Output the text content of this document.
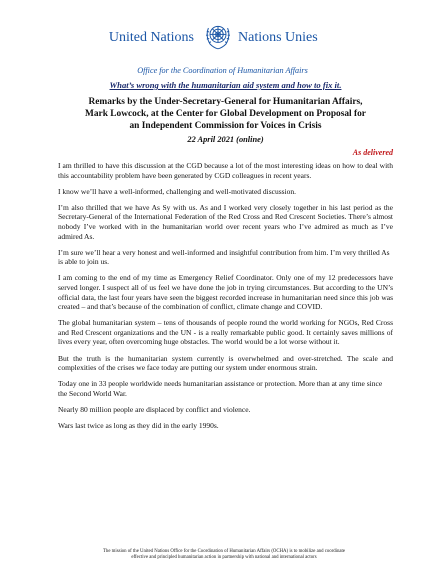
United Nations	Nations Unies
Office for the Coordination of Humanitarian Affairs
What’s wrong with the humanitarian aid system and how to fix it.
Remarks by the Under-Secretary-General for Humanitarian Affairs,
Mark Lowcock, at the Center for Global Development on Proposal for
an Independent Commission for Voices in Crisis
22 April 2021 (online)
As delivered

I am thrilled to have this discussion at the CGD because a lot of the most interesting ideas on how to deal with this accountability problem have been generated by CGD colleagues in recent years.

I know we’ll have a well-informed, challenging and well-motivated discussion.

I’m also thrilled that we have As Sy with us. As and I worked very closely together in his last period as the Secretary-General of the International Federation of the Red Cross and Red Crescent Societies. There’s almost nobody I’ve worked with in the humanitarian world over recent years who I’ve admired as much as I’ve admired As.

I’m sure we’ll hear a very honest and well-informed and insightful contribution from him. I’m very thrilled As is able to join us.

I am coming to the end of my time as Emergency Relief Coordinator. Only one of my 12 predecessors have served longer. I suspect all of us feel we have done the job in trying circumstances. But according to the UN’s official data, the last four years have seen the biggest recorded increase in humanitarian need since this job was created – and that’s because of the combination of conflict, climate change and COVID.

The global humanitarian system – tens of thousands of people round the world working for NGOs, Red Cross and Red Crescent organizations and the UN - is a really remarkable public good. It certainly saves millions of lives every year, often overcoming huge obstacles. The world would be a lot worse without it.

But the truth is the humanitarian system currently is overwhelmed and over-stretched. The scale and complexities of the crises we face today are putting our system under enormous strain.

Today one in 33 people worldwide needs humanitarian assistance or protection. More than at any time since the Second World War.

Nearly 80 million people are displaced by conflict and violence.

Wars last twice as long as they did in the early 1990s.

The mission of the United Nations Office for the Coordination of Humanitarian Affairs (OCHA) is to mobilize and coordinate
effective and principled humanitarian action in partnership with national and international actors
